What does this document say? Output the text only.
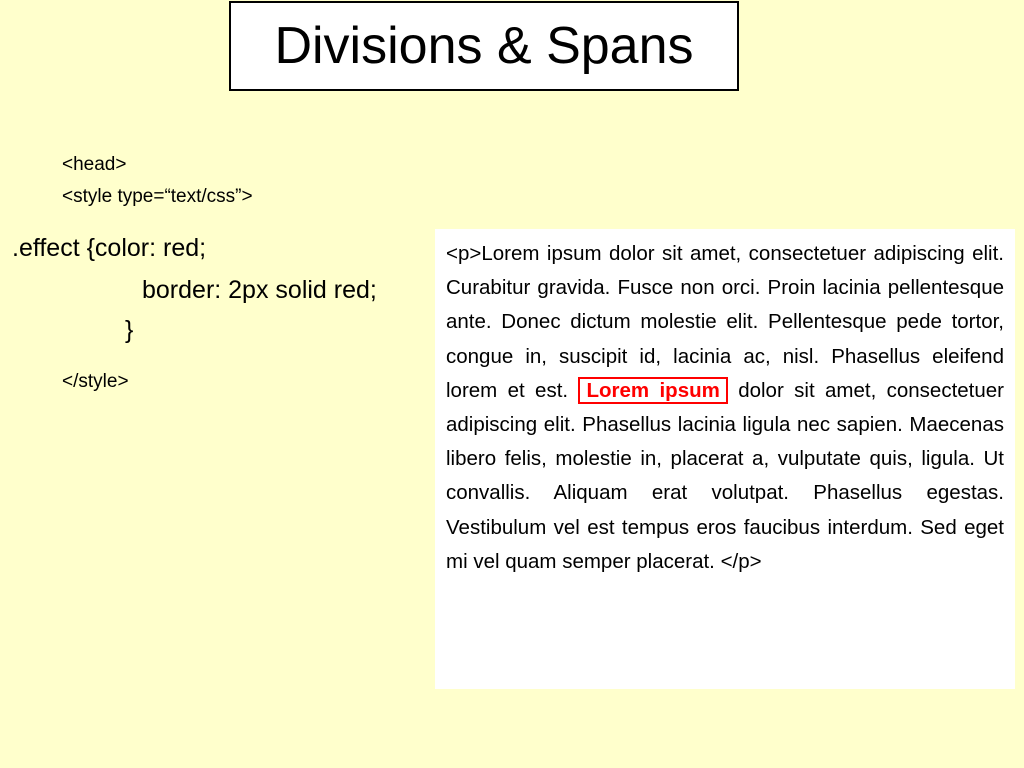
Divisions & Spans
<head>
<style type=“text/css”>
.effect {color: red;
border: 2px solid red;
}
</style>

<p>Lorem ipsum dolor sit amet, consectetuer adipiscing elit. Curabitur gravida. Fusce non orci. Proin lacinia pellentesque ante. Donec dictum molestie elit. Pellentesque pede tortor, congue in, suscipit id, lacinia ac, nisl. Phasellus eleifend lorem et est. Lorem ipsum dolor sit amet, consectetuer adipiscing elit. Phasellus lacinia ligula nec sapien. Maecenas libero felis, molestie in, placerat a, vulputate quis, ligula. Ut convallis. Aliquam erat volutpat. Phasellus egestas. Vestibulum vel est tempus eros faucibus interdum. Sed eget mi vel quam semper placerat. </p>
